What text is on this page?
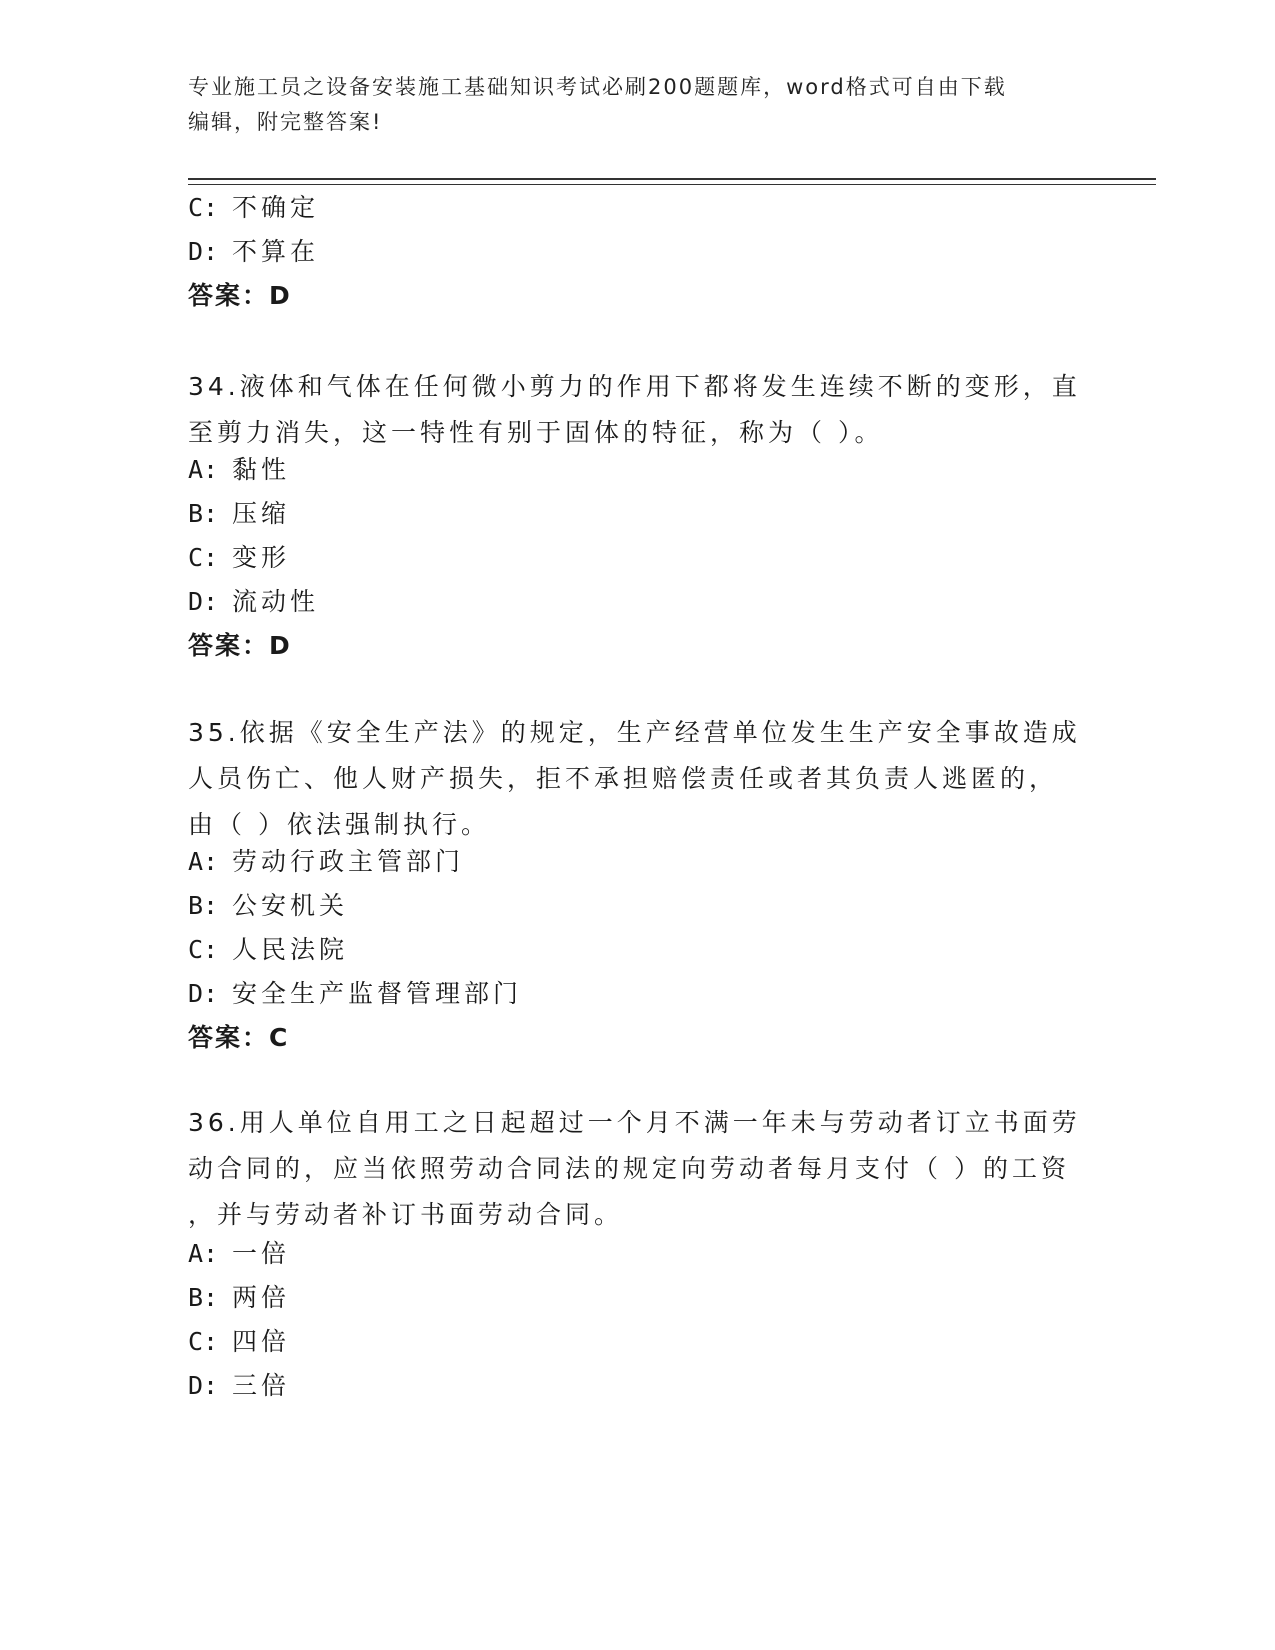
专业施工员之设备安装施工基础知识考试必刷200题题库，word格式可自由下载
编辑，附完整答案!
C: 不确定
D: 不算在
答案：D
34.液体和气体在任何微小剪力的作用下都将发生连续不断的变形，直
至剪力消失，这一特性有别于固体的特征，称为（ ）。
A: 黏性
B: 压缩
C: 变形
D: 流动性
答案：D
35.依据《安全生产法》的规定，生产经营单位发生生产安全事故造成
人员伤亡、他人财产损失，拒不承担赔偿责任或者其负责人逃匿的，
由（ ）依法强制执行。
A: 劳动行政主管部门
B: 公安机关
C: 人民法院
D: 安全生产监督管理部门
答案：C
36.用人单位自用工之日起超过一个月不满一年未与劳动者订立书面劳
动合同的，应当依照劳动合同法的规定向劳动者每月支付（ ）的工资
，并与劳动者补订书面劳动合同。
A: 一倍
B: 两倍
C: 四倍
D: 三倍
